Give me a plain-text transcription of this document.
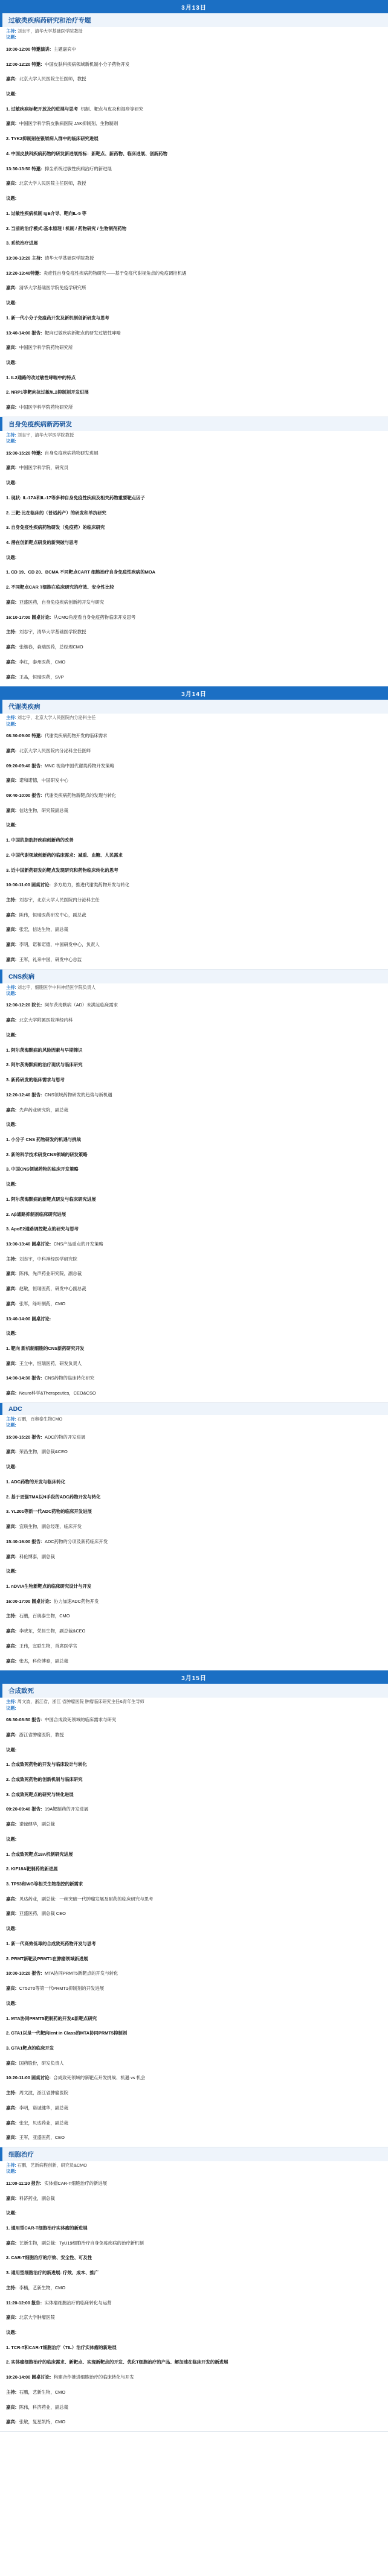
3月13日
过敏类疾病药研究和治疗专题
主持: 刘志宇，清华大学基础医学院教授
议题:
10:00-12:00 特邀演讲: 主题嘉宾中
12:00-12:20 特邀: 中国皮肤科疾病领域新机制小分子药物开发
嘉宾: 北京大学人民医院主任医师，教授
议题:
1. 过敏疾病标靶开放及的进展与思考 机制、靶点与皮炎和湿疹等研究
嘉宾: 中国医学科学院皮肤病医院 JAK抑制剂、生物制剂
2. TYK2抑制剂在银屑病人群中的临床研究进展
4. 中国皮肤科疾病药物的研发新进展指标：新靶点、新药物、临床进展、创新药物
13:30-13:50 特邀: 抑尘系统过敏性疾病治疗的新进展
嘉宾: 北京大学人民医院主任医师，教授
议题:
1. 过敏性疾病机制 IgE介导、靶向IL-5 等
2. 当前的治疗模式:基本原理 / 机制 / 药物研究 / 生物制剂药物
3. 系统治疗进展
13:00-13:20 主持: 清华大学基础医学院教授
13:20-13:40特邀: 炎症性自身免疫性疾病药物研究——基于免疫代谢视角点的免疫调控机遇
嘉宾: 清华大学基础医学院免疫学研究所
议题:
1. 新一代小分子免疫药开发及新机制创新研发与思考
13:40-14:00 报告: 靶向过敏疾病新靶点的研发过敏性哮喘
嘉宾: 中国医学科学院药物研究所
议题:
1. IL2通路的改过敏性哮喘中的特点
2. NRP1等靶向抗过敏/IL2抑制剂开发进展
嘉宾: 中国医学科学院药物研究所
自身免疫疾病新药研发
主持: 刘志宇，清华大学医学院教授
议题:
15:00-15:20 特邀: 自身免疫疾病药物研发进展
嘉宾: 中国医学科学院，研究员
议题:
1. 现状: IL-17A和IL-17等多种自身免疫性疾病及相关药物重要靶点因子
2. 三靶:比在临床的（普适药产）的研发和单抗研究
3. 自身免疫性疾病药物研发（免疫药）的临床研究
4. 潜在创新靶点研发的新突破与思考
议题:
1. CD 19、CD 20、BCMA 不同靶点CART 细胞治疗自身免疫性疾病的MOA
2. 不同靶点CAR T细胞在临床研究的疗效、安全性比较
嘉宾: 亚盛医药，自身免疫疾病创新药开发与研究
16:10-17:00 圆桌讨论: 从CMO角度看自身免疫药物临床开发思考
主持: 刘志宇，清华大学基础医学院教授
嘉宾: 张继春，森瑞医药，总经理CMO
嘉宾: 李红，泰州医药，CMO
嘉宾: 王晶，恒瑞医药，SVP
3月14日
代谢类疾病
主持: 刘志宇，北京大学人民医院内分泌科主任
议题:
08:30-09:00 特邀: 代谢类疾病药物开发的临床需求
嘉宾: 北京大学人民医院内分泌科主任医师
09:20-09:40 报告: MNC 视角中国代谢类药物开发策略
嘉宾: 诺和诺德，中国研发中心
09:40-10:00 报告: 代谢类疾病药物新靶点的发现与转化
嘉宾: 信达生物，研究院副总裁
议题:
1. 中国的脂肪肝疾病创新药的改善
2. 中国代谢领域创新药的临床需求：减重、血糖、人民需求
3. 近中国新药研发的靶点发现研究和药物临床转化的思考
10:00-11:00 圆桌讨论: 多方助力，推进代谢类药物开发与转化
主持: 刘志宇，北京大学人民医院内分泌科主任
嘉宾: 陈伟，恒瑞医药研发中心，副总裁
嘉宾: 张宏，信达生物，副总裁
嘉宾: 李明，诺和诺德，中国研发中心，负责人
嘉宾: 王军，礼来中国，研发中心总监
CNS疾病
主持: 刘志宇，细胞医学中科神经医学院负责人
议题:
12:00-12:20 院长: 阿尔茨海默病（AD）未满足临床需求
嘉宾: 北京大学附属医院神经内科
议题:
1. 阿尔茨海默病的风险因素与早期筛识
2. 阿尔茨海默病的治疗现状与临床研究
3. 新药研发的临床需求与思考
12:20-12:40 报告: CNS领域药物研发的趋势与新机遇
嘉宾: 先声药业研究院，副总裁
议题:
1. 小分子 CNS 药物研发的机遇与挑战
2. 新的科学技术研发CNS领域的研发策略
3. 中国CNS领域药物的临床开发策略
议题:
1. 阿尔茨海默病的新靶点研发与临床研究进展
2. Aβ通路抑制剂临床研究进展
3. ApoE2通路调控靶点的研究与思考
13:00-13:40 圆桌讨论: CNS产品重点的开发策略
主持: 刘志宇，中科神经医学研究院
嘉宾: 陈伟，先声药业研究院，副总裁
嘉宾: 赵敏，恒瑞医药，研发中心副总裁
嘉宾: 张军，绿叶制药，CMO
13:40-14:00 圆桌讨论:
议题:
1. 靶向 新机制细胞的CNS新药研究开发
嘉宾: 王立中，恒瑞医药，研发负责人
14:00-14:30 报告: CNS药物的临床转化研究
嘉宾: Neuro科学&Therapeutics，CEO&CSO
ADC
主持: 石鹏，百奥泰生物CMO
议题:
15:00-15:20 报告: ADC的物的开发进展
嘉宾: 荣昌生物，副总裁&CEO
议题:
1. ADC药物的开发与临床转化
2. 基于更强TMA以N手段的ADC药物开发与转化
3. YL201等新一代ADC药物的临床开发进展
嘉宾: 宜联生物，副总经理，临床开发
15:40-16:00 报告: ADC药物的分项及新药临床开发
嘉宾: 科伦博泰，副总裁
议题:
1. nDVIA生物新靶点的临床研究设计与开发
16:00-17:00 圆桌讨论: 协力加速ADC药物开发
主持: 石鹏，百奥泰生物，CMO
嘉宾: 李晓东，荣昌生物，副总裁&CEO
嘉宾: 王伟，宜联生物，首席医学官
嘉宾: 张杰，科伦博泰，副总裁
3月15日
合成致死
主持: 周文波，浙江省，浙江 省肿瘤医院 肿瘤临床研究主任&青年生导师
议题:
08:30-08:50 报告: 中国合成致死领域的临床需求与研究
嘉宾: 浙江省肿瘤医院，教授
议题:
1. 合成致死药物的开发与临床设计与转化
2. 合成致死药物的创新机制与临床研究
3. 合成致死靶点的研究与转化进展
09:20-09:40 报告: 19A靶制药的开发进展
嘉宾: 诺诚健华，副总裁
议题:
1. 合成致死靶点18A机制研究进展
2. KIF18A靶制药的新进展
3. TP53和WG等相关生物指控的新需求
嘉宾: 贝达药业，副总裁：一丝突破一代肿瘤发展及耐药的临床研究与思考
嘉宾: 亚盛医药，副总裁 CEO
议题:
1. 新一代高效低毒的合成致死药物开发与思考
2. PRMT新靶及PRMT1在肿瘤领域新进展
10:00-10:20 报告: MTA协同PRMT5新靶点的开发与转化
嘉宾: CT52T0等第一代PRMT1抑制剂的开发进展
议题:
1. MTA协同PRMT5靶制药的开发&新靶点研究
2. GTA1以是一代靶向Ient in Class的MTA协同PRMT5抑制剂
3. GTA1靶点的临床开发
嘉宾: 国药股份，研发负责人
10:20-11:00 圆桌讨论: 合成致死领域的新靶点开发挑战、机遇 vs 机会
主持: 周文波，浙江省肿瘤医院
嘉宾: 李明，诺诚健华，副总裁
嘉宾: 张宏，贝达药业，副总裁
嘉宾: 王军，亚盛医药，CEO
细胞治疗
主持: 石鹏，艺新病程创新，研究员&CMO
议题:
11:00-11:20 报告: 实体瘤CAR-T细胞治疗的新进展
嘉宾: 科济药业，副总裁
议题:
1. 通用型CAR-T细胞治疗实体瘤的新进展
嘉宾: 艺新生物，副总裁：TyU19细胞治疗自身免疫疾病的治疗新机制
2. CAR-T细胞治疗的疗效、安全性、可及性
3. 通用型细胞治疗的新进展: 疗效、成本、推广
主持: 李楠，艺新生物，CMO
11:20-12:00 报告: 实体瘤细胞治疗的临床转化与运营
嘉宾: 北京大学肿瘤医院
议题:
1. TCR-T和CAR-T细胞治疗（TIL）治疗实体瘤的新进展
2. 实体瘤细胞治疗的临床需求、新靶点、实现新靶点的开发、优化T细胞治疗的产品、解加速在临床开发的新进展
10:20-14:00 圆桌讨论: 构建合作推进细胞治疗的临床转化与开发
主持: 石鹏，艺新生物，CMO
嘉宾: 陈伟，科济药业，副总裁
嘉宾: 张敏，复星凯特，CMO
